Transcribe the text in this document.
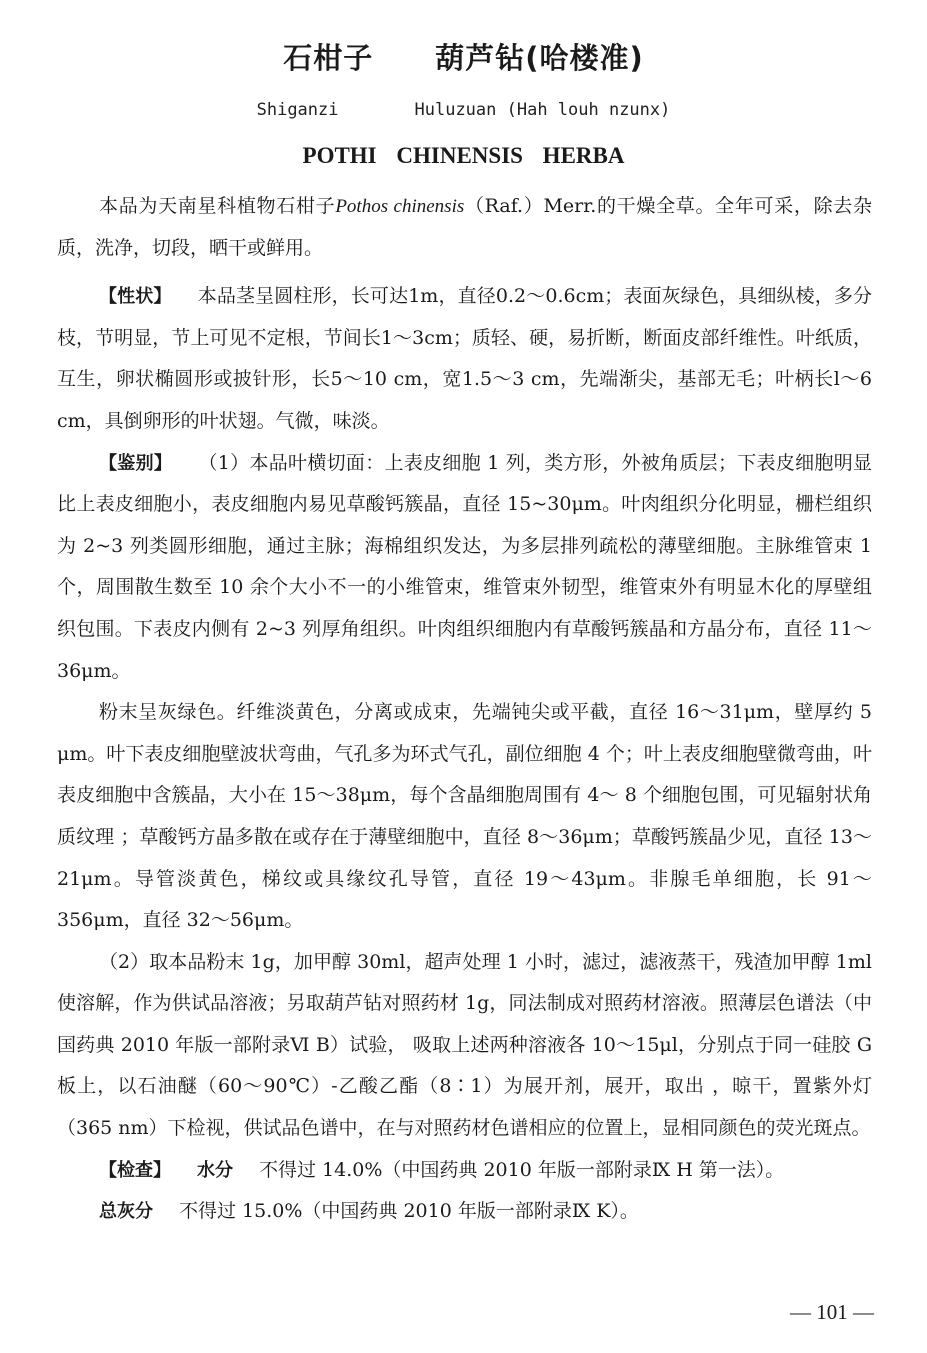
石柑子 葫芦钻(哈楼准)
Shiganzi	Huluzuan (Hah louh nzunx)
POTHI CHINENSIS HERBA

本品为天南星科植物石柑子Pothos chinensis（Raf.）Merr.的干燥全草。全年可采，除去杂质，洗净，切段，晒干或鲜用。

【性状】 本品茎呈圆柱形，长可达1m，直径0.2～0.6cm；表面灰绿色，具细纵棱，多分枝，节明显，节上可见不定根，节间长1～3cm；质轻、硬，易折断，断面皮部纤维性。叶纸质，互生，卵状椭圆形或披针形，长5～10 cm，宽1.5～3 cm，先端渐尖，基部无毛；叶柄长l～6 cm，具倒卵形的叶状翅。气微，味淡。

【鉴别】 （1）本品叶横切面：上表皮细胞 1 列，类方形，外被角质层；下表皮细胞明显比上表皮细胞小，表皮细胞内易见草酸钙簇晶，直径 15~30μm。叶肉组织分化明显，栅栏组织为 2~3 列类圆形细胞，通过主脉；海棉组织发达，为多层排列疏松的薄壁细胞。主脉维管束 1 个，周围散生数至 10 余个大小不一的小维管束，维管束外韧型，维管束外有明显木化的厚壁组织包围。下表皮内侧有 2~3 列厚角组织。叶肉组织细胞内有草酸钙簇晶和方晶分布，直径 11～36μm。

粉末呈灰绿色。纤维淡黄色，分离或成束，先端钝尖或平截，直径 16～31μm，壁厚约 5 μm。叶下表皮细胞壁波状弯曲，气孔多为环式气孔，副位细胞 4 个；叶上表皮细胞壁微弯曲，叶表皮细胞中含簇晶，大小在 15～38μm，每个含晶细胞周围有 4～ 8 个细胞包围，可见辐射状角质纹理 ；草酸钙方晶多散在或存在于薄壁细胞中，直径 8～36μm；草酸钙簇晶少见，直径 13～21μm。导管淡黄色，梯纹或具缘纹孔导管，直径 19～43μm。非腺毛单细胞，长 91～356μm，直径 32～56μm。

（2）取本品粉末 1g，加甲醇 30ml，超声处理 1 小时，滤过，滤液蒸干，残渣加甲醇 1ml 使溶解，作为供试品溶液；另取葫芦钻对照药材 1g，同法制成对照药材溶液。照薄层色谱法（中国药典 2010 年版一部附录Ⅵ B）试验， 吸取上述两种溶液各 10～15μl，分别点于同一硅胶 G 板上，以石油醚（60～90℃）-乙酸乙酯（8∶1）为展开剂，展开，取出 ，晾干，置紫外灯（365 nm）下检视，供试品色谱中，在与对照药材色谱相应的位置上，显相同颜色的荧光斑点。

【检查】 水分 不得过 14.0%（中国药典 2010 年版一部附录Ⅸ H 第一法）。

总灰分 不得过 15.0%（中国药典 2010 年版一部附录Ⅸ K）。

— 101 —
